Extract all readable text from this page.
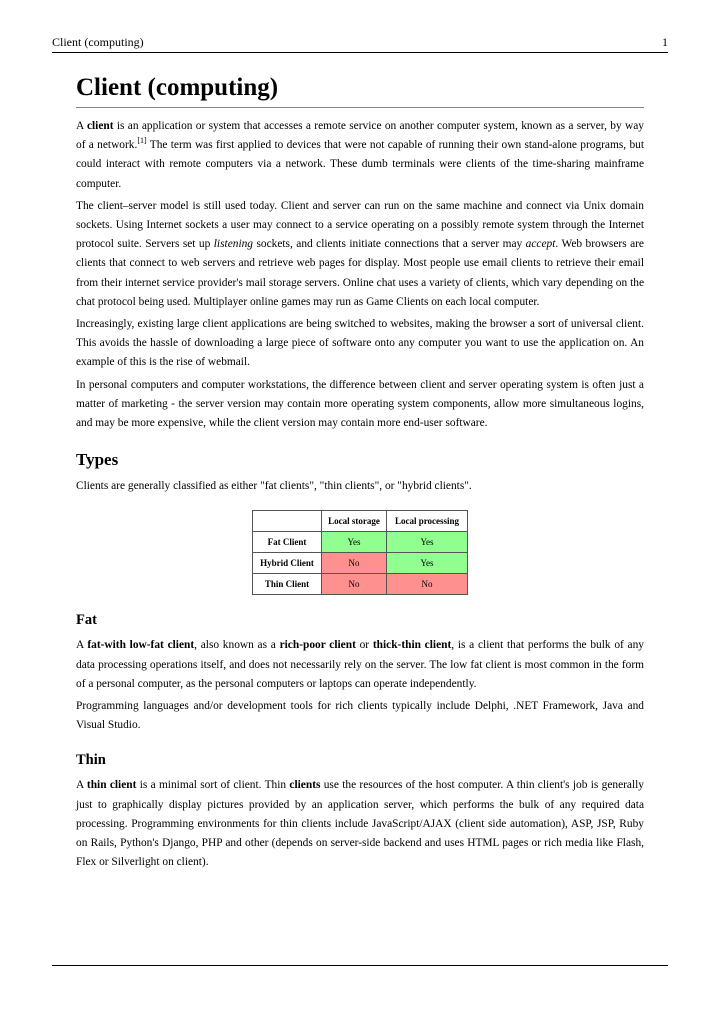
Client (computing)	1
Client (computing)

A client is an application or system that accesses a remote service on another computer system, known as a server, by way of a network.[1] The term was first applied to devices that were not capable of running their own stand-alone programs, but could interact with remote computers via a network. These dumb terminals were clients of the time-sharing mainframe computer.

The client–server model is still used today. Client and server can run on the same machine and connect via Unix domain sockets. Using Internet sockets a user may connect to a service operating on a possibly remote system through the Internet protocol suite. Servers set up listening sockets, and clients initiate connections that a server may accept. Web browsers are clients that connect to web servers and retrieve web pages for display. Most people use email clients to retrieve their email from their internet service provider's mail storage servers. Online chat uses a variety of clients, which vary depending on the chat protocol being used. Multiplayer online games may run as Game Clients on each local computer.

Increasingly, existing large client applications are being switched to websites, making the browser a sort of universal client. This avoids the hassle of downloading a large piece of software onto any computer you want to use the application on. An example of this is the rise of webmail.

In personal computers and computer workstations, the difference between client and server operating system is often just a matter of marketing - the server version may contain more operating system components, allow more simultaneous logins, and may be more expensive, while the client version may contain more end-user software.

Types

Clients are generally classified as either "fat clients", "thin clients", or "hybrid clients".

	Local storage	Local processing
Fat Client	Yes	Yes
Hybrid Client	No	Yes
Thin Client	No	No
Fat

A fat-with low-fat client, also known as a rich-poor client or thick-thin client, is a client that performs the bulk of any data processing operations itself, and does not necessarily rely on the server. The low fat client is most common in the form of a personal computer, as the personal computers or laptops can operate independently.

Programming languages and/or development tools for rich clients typically include Delphi, .NET Framework, Java and Visual Studio.

Thin

A thin client is a minimal sort of client. Thin clients use the resources of the host computer. A thin client's job is generally just to graphically display pictures provided by an application server, which performs the bulk of any required data processing. Programming environments for thin clients include JavaScript/AJAX (client side automation), ASP, JSP, Ruby on Rails, Python's Django, PHP and other (depends on server-side backend and uses HTML pages or rich media like Flash, Flex or Silverlight on client).
